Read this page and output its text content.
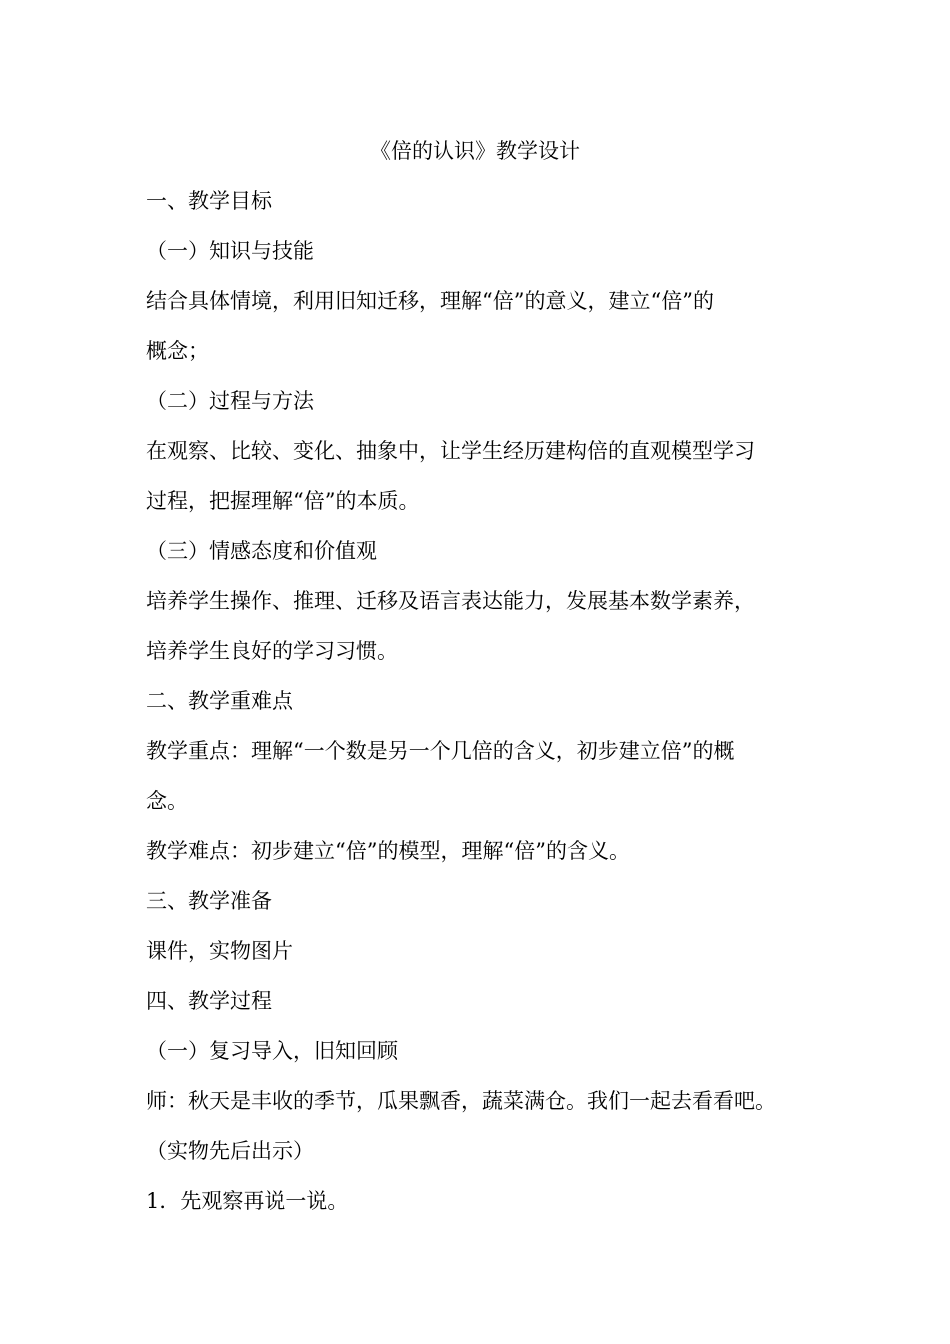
《倍的认识》教学设计
一、教学目标
（一）知识与技能
结合具体情境，利用旧知迁移，理解“倍”的意义，建立“倍”的
概念；
（二）过程与方法
在观察、比较、变化、抽象中，让学生经历建构倍的直观模型学习
过程，把握理解“倍”的本质。
（三）情感态度和价值观
培养学生操作、推理、迁移及语言表达能力，发展基本数学素养，
培养学生良好的学习习惯。
二、教学重难点
教学重点：理解“一个数是另一个几倍的含义，初步建立倍”的概
念。
教学难点：初步建立“倍”的模型，理解“倍”的含义。
三、教学准备
课件，实物图片
四、教学过程
（一）复习导入，旧知回顾
师：秋天是丰收的季节，瓜果飘香，蔬菜满仓。我们一起去看看吧。
（实物先后出示）
1．先观察再说一说。
